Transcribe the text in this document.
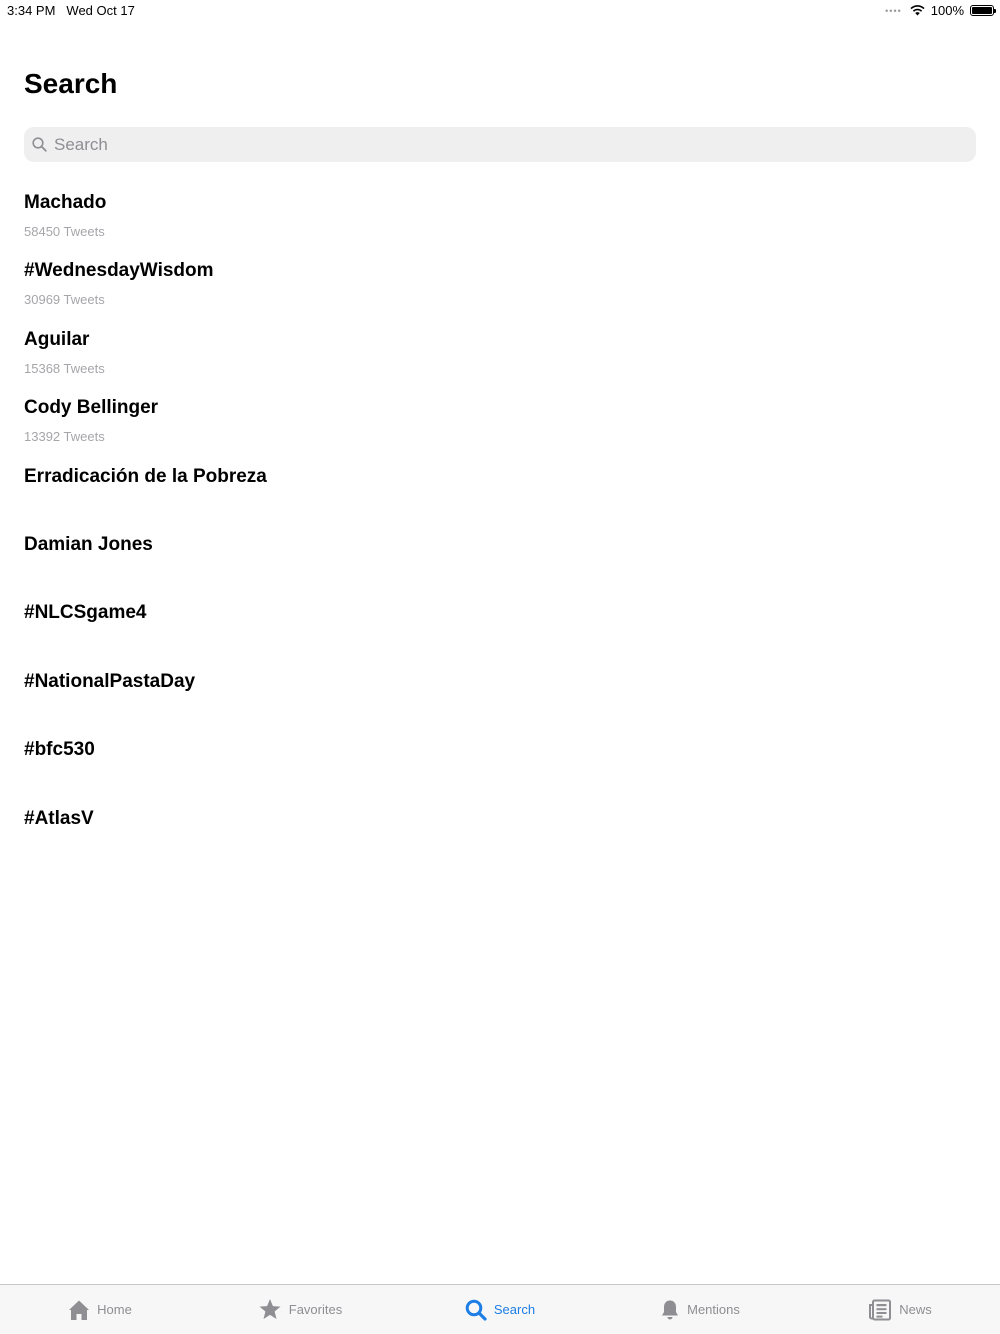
3:34 PM Wed Oct 17	•••• 100%
Search
Search
Machado
58450 Tweets
#WednesdayWisdom
30969 Tweets
Aguilar
15368 Tweets
Cody Bellinger
13392 Tweets
Erradicación de la Pobreza
Damian Jones
#NLCSgame4
#NationalPastaDay
#bfc530
#AtlasV
Home	Favorites	Search	Mentions	News
